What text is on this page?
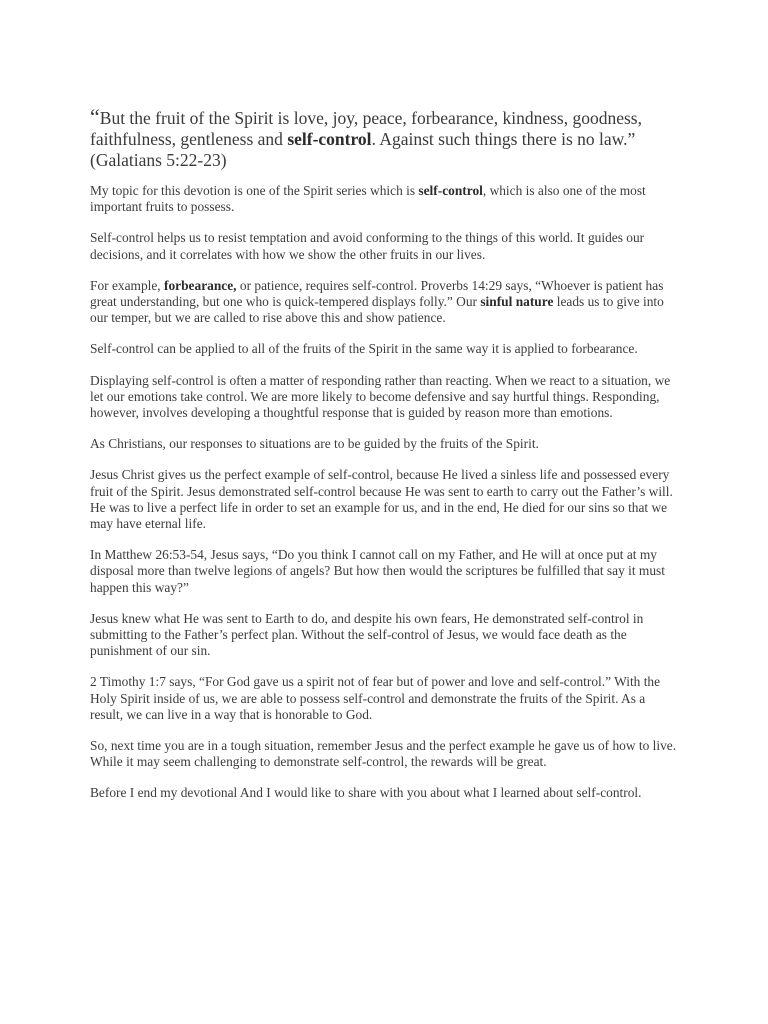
“But the fruit of the Spirit is love, joy, peace, forbearance, kindness, goodness, faithfulness, gentleness and self-control. Against such things there is no law.” (Galatians 5:22-23)

My topic for this devotion is one of the Spirit series which is self-control, which is also one of the most important fruits to possess.

Self-control helps us to resist temptation and avoid conforming to the things of this world. It guides our decisions, and it correlates with how we show the other fruits in our lives.

For example, forbearance, or patience, requires self-control. Proverbs 14:29 says, “Whoever is patient has great understanding, but one who is quick-tempered displays folly.” Our sinful nature leads us to give into our temper, but we are called to rise above this and show patience.

Self-control can be applied to all of the fruits of the Spirit in the same way it is applied to forbearance.

Displaying self-control is often a matter of responding rather than reacting. When we react to a situation, we let our emotions take control. We are more likely to become defensive and say hurtful things. Responding, however, involves developing a thoughtful response that is guided by reason more than emotions.

As Christians, our responses to situations are to be guided by the fruits of the Spirit.

Jesus Christ gives us the perfect example of self-control, because He lived a sinless life and possessed every fruit of the Spirit. Jesus demonstrated self-control because He was sent to earth to carry out the Father’s will. He was to live a perfect life in order to set an example for us, and in the end, He died for our sins so that we may have eternal life.

In Matthew 26:53-54, Jesus says, “Do you think I cannot call on my Father, and He will at once put at my disposal more than twelve legions of angels? But how then would the scriptures be fulfilled that say it must happen this way?”

Jesus knew what He was sent to Earth to do, and despite his own fears, He demonstrated self-control in submitting to the Father’s perfect plan. Without the self-control of Jesus, we would face death as the punishment of our sin.

2 Timothy 1:7 says, “For God gave us a spirit not of fear but of power and love and self-control.” With the Holy Spirit inside of us, we are able to possess self-control and demonstrate the fruits of the Spirit. As a result, we can live in a way that is honorable to God.

So, next time you are in a tough situation, remember Jesus and the perfect example he gave us of how to live. While it may seem challenging to demonstrate self-control, the rewards will be great.

Before I end my devotional And I would like to share with you about what I learned about self-control.
